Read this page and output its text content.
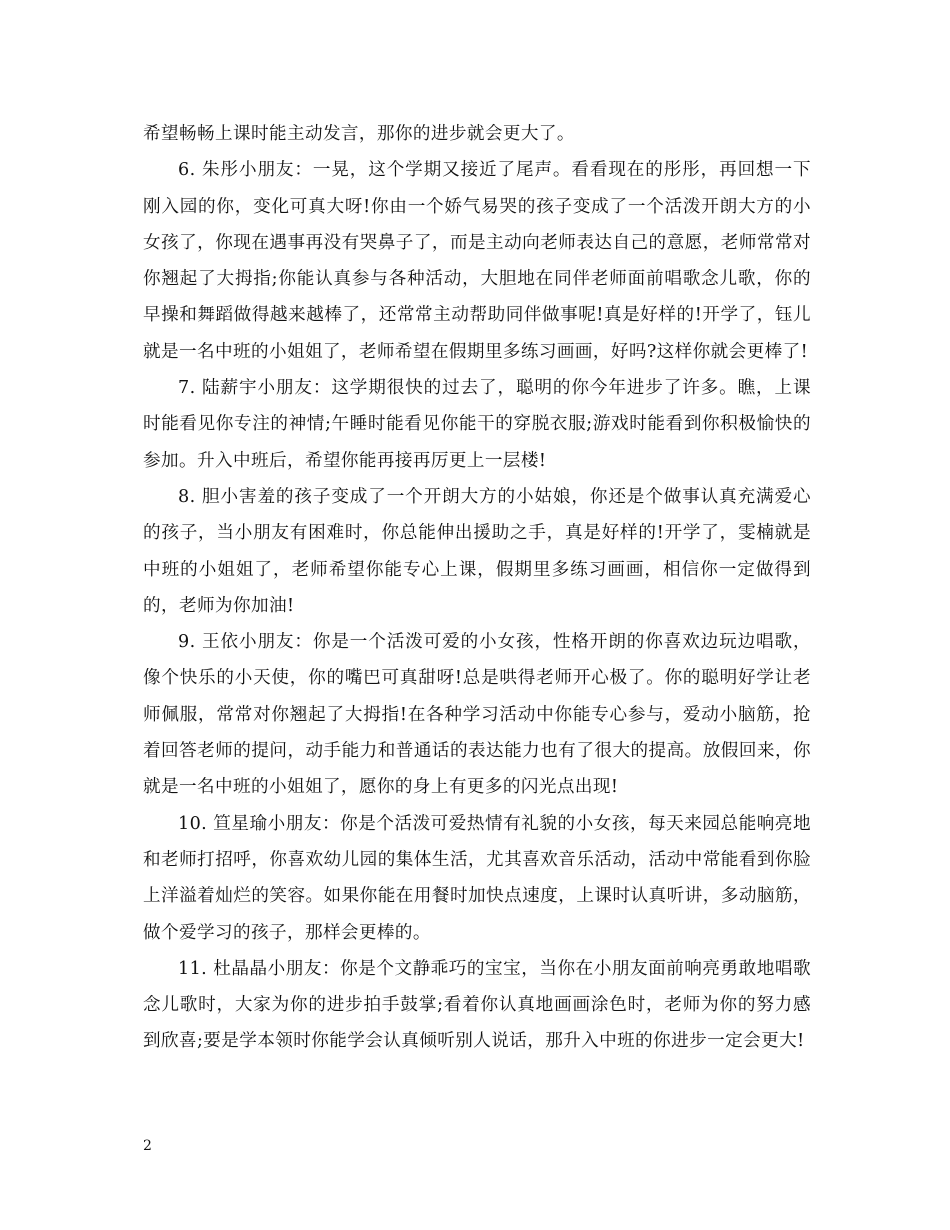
希望畅畅上课时能主动发言，那你的进步就会更大了。

6. 朱彤小朋友：一晃，这个学期又接近了尾声。看看现在的彤彤，再回想一下刚入园的你，变化可真大呀!你由一个娇气易哭的孩子变成了一个活泼开朗大方的小女孩了，你现在遇事再没有哭鼻子了，而是主动向老师表达自己的意愿，老师常常对你翘起了大拇指;你能认真参与各种活动，大胆地在同伴老师面前唱歌念儿歌，你的早操和舞蹈做得越来越棒了，还常常主动帮助同伴做事呢!真是好样的!开学了，钰儿就是一名中班的小姐姐了，老师希望在假期里多练习画画，好吗?这样你就会更棒了!

7. 陆薪宇小朋友：这学期很快的过去了，聪明的你今年进步了许多。瞧，上课时能看见你专注的神情;午睡时能看见你能干的穿脱衣服;游戏时能看到你积极愉快的参加。升入中班后，希望你能再接再厉更上一层楼!

8. 胆小害羞的孩子变成了一个开朗大方的小姑娘，你还是个做事认真充满爱心的孩子，当小朋友有困难时，你总能伸出援助之手，真是好样的!开学了，雯楠就是中班的小姐姐了，老师希望你能专心上课，假期里多练习画画，相信你一定做得到的，老师为你加油!

9. 王依小朋友：你是一个活泼可爱的小女孩，性格开朗的你喜欢边玩边唱歌，像个快乐的小天使，你的嘴巴可真甜呀!总是哄得老师开心极了。你的聪明好学让老师佩服，常常对你翘起了大拇指!在各种学习活动中你能专心参与，爱动小脑筋，抢着回答老师的提问，动手能力和普通话的表达能力也有了很大的提高。放假回来，你就是一名中班的小姐姐了，愿你的身上有更多的闪光点出现!

10. 笪星瑜小朋友：你是个活泼可爱热情有礼貌的小女孩，每天来园总能响亮地和老师打招呼，你喜欢幼儿园的集体生活，尤其喜欢音乐活动，活动中常能看到你脸上洋溢着灿烂的笑容。如果你能在用餐时加快点速度，上课时认真听讲，多动脑筋，做个爱学习的孩子，那样会更棒的。

11. 杜晶晶小朋友：你是个文静乖巧的宝宝，当你在小朋友面前响亮勇敢地唱歌念儿歌时，大家为你的进步拍手鼓掌;看着你认真地画画涂色时，老师为你的努力感到欣喜;要是学本领时你能学会认真倾听别人说话，那升入中班的你进步一定会更大!

2
